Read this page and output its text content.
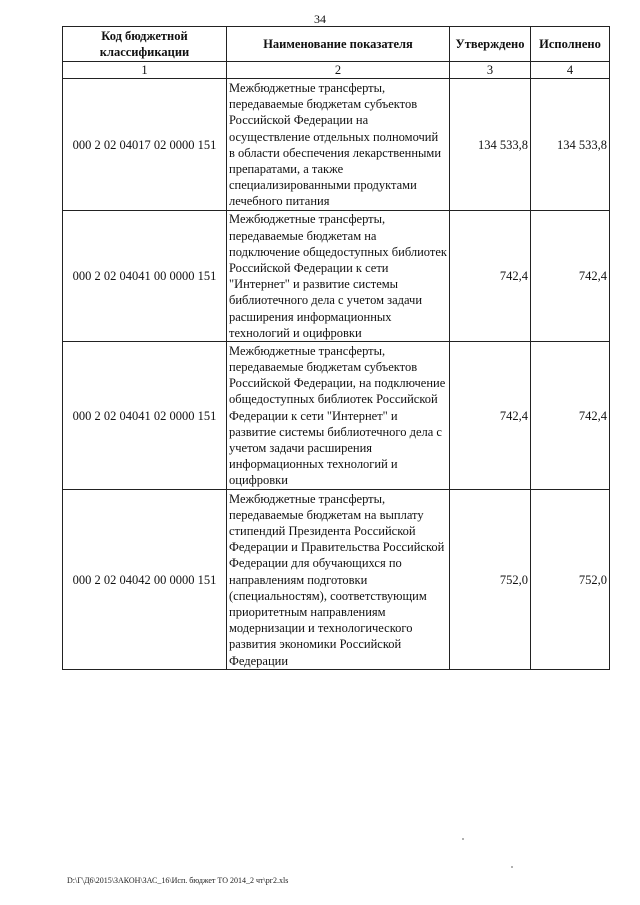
34
Код бюджетной классификации	Наименование показателя	Утверждено	Исполнено
1	2	3	4
000 2 02 04017 02 0000 151	Межбюджетные трансферты, передаваемые бюджетам субъектов Российской Федерации на осуществление отдельных полномочий в области обеспечения лекарственными препаратами, а также специализированными продуктами лечебного питания	134 533,8	134 533,8
000 2 02 04041 00 0000 151	Межбюджетные трансферты, передаваемые бюджетам на подключение общедоступных библиотек Российской Федерации к сети "Интернет" и развитие системы библиотечного дела с учетом задачи расширения информационных технологий и оцифровки	742,4	742,4
000 2 02 04041 02 0000 151	Межбюджетные трансферты, передаваемые бюджетам субъектов Российской Федерации, на подключение общедоступных библиотек Российской Федерации к сети "Интернет" и развитие системы библиотечного дела с учетом задачи расширения информационных технологий и оцифровки	742,4	742,4
000 2 02 04042 00 0000 151	Межбюджетные трансферты, передаваемые бюджетам на выплату стипендий Президента Российской Федерации и Правительства Российской Федерации для обучающихся по направлениям подготовки (специальностям), соответствующим приоритетным направлениям модернизации и технологического развития экономики Российской Федерации	752,0	752,0
D:\Г\Д6\2015\ЗАКОН\ЗАС_16\Исп. бюджет ТО 2014_2 чт\рг2.xls
